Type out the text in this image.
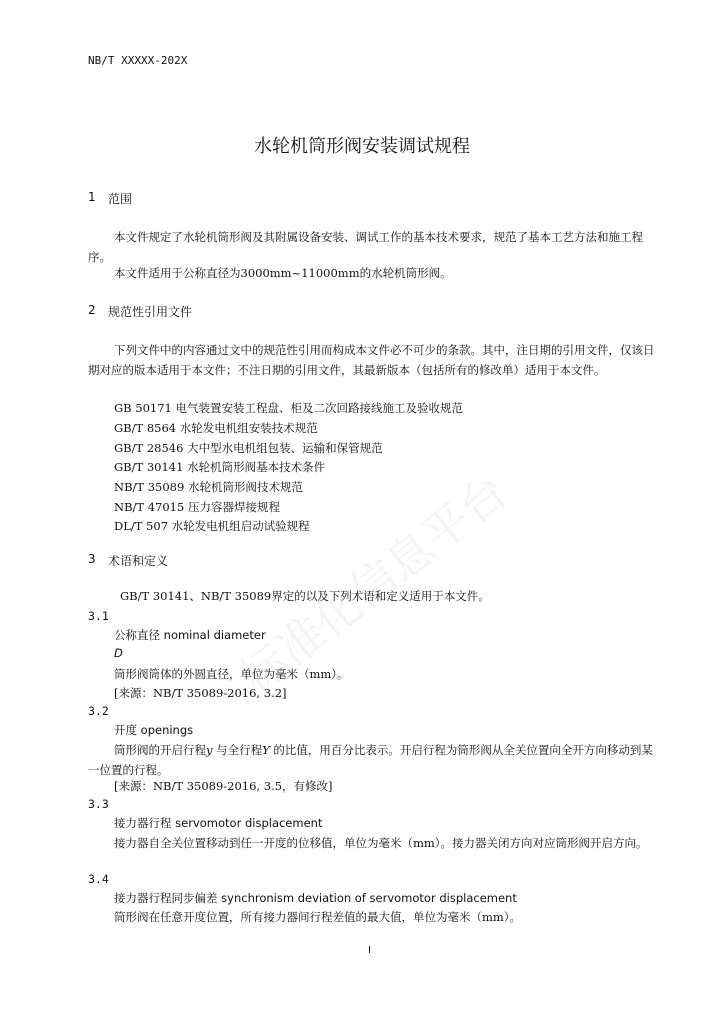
NB/T XXXXX-202X
水轮机筒形阀安装调试规程
1 范围
本文件规定了水轮机筒形阀及其附属设备安装、调试工作的基本技术要求，规范了基本工艺方法和施工程序。
本文件适用于公称直径为3000mm~11000mm的水轮机筒形阀。
2 规范性引用文件
下列文件中的内容通过文中的规范性引用而构成本文件必不可少的条款。其中，注日期的引用文件，仅该日期对应的版本适用于本文件；不注日期的引用文件，其最新版本（包括所有的修改单）适用于本文件。
GB 50171 电气装置安装工程盘、柜及二次回路接线施工及验收规范
GB/T 8564 水轮发电机组安装技术规范
GB/T 28546 大中型水电机组包装、运输和保管规范
GB/T 30141 水轮机筒形阀基本技术条件
NB/T 35089 水轮机筒形阀技术规范
NB/T 47015 压力容器焊接规程
DL/T 507 水轮发电机组启动试验规程
3 术语和定义
GB/T 30141、NB/T 35089界定的以及下列术语和定义适用于本文件。
3.1
公称直径 nominal diameter
D
筒形阀筒体的外圆直径，单位为毫米（mm）。
[来源：NB/T 35089-2016, 3.2]
3.2
开度 openings
筒形阀的开启行程y 与全行程Y 的比值，用百分比表示。开启行程为筒形阀从全关位置向全开方向移动到某一位置的行程。
[来源：NB/T 35089-2016, 3.5，有修改]
3.3
接力器行程 servomotor displacement
接力器自全关位置移动到任一开度的位移值，单位为毫米（mm）。接力器关闭方向对应筒形阀开启方向。
3.4
接力器行程同步偏差 synchronism deviation of servomotor displacement
筒形阀在任意开度位置，所有接力器间行程差值的最大值，单位为毫米（mm）。
I
